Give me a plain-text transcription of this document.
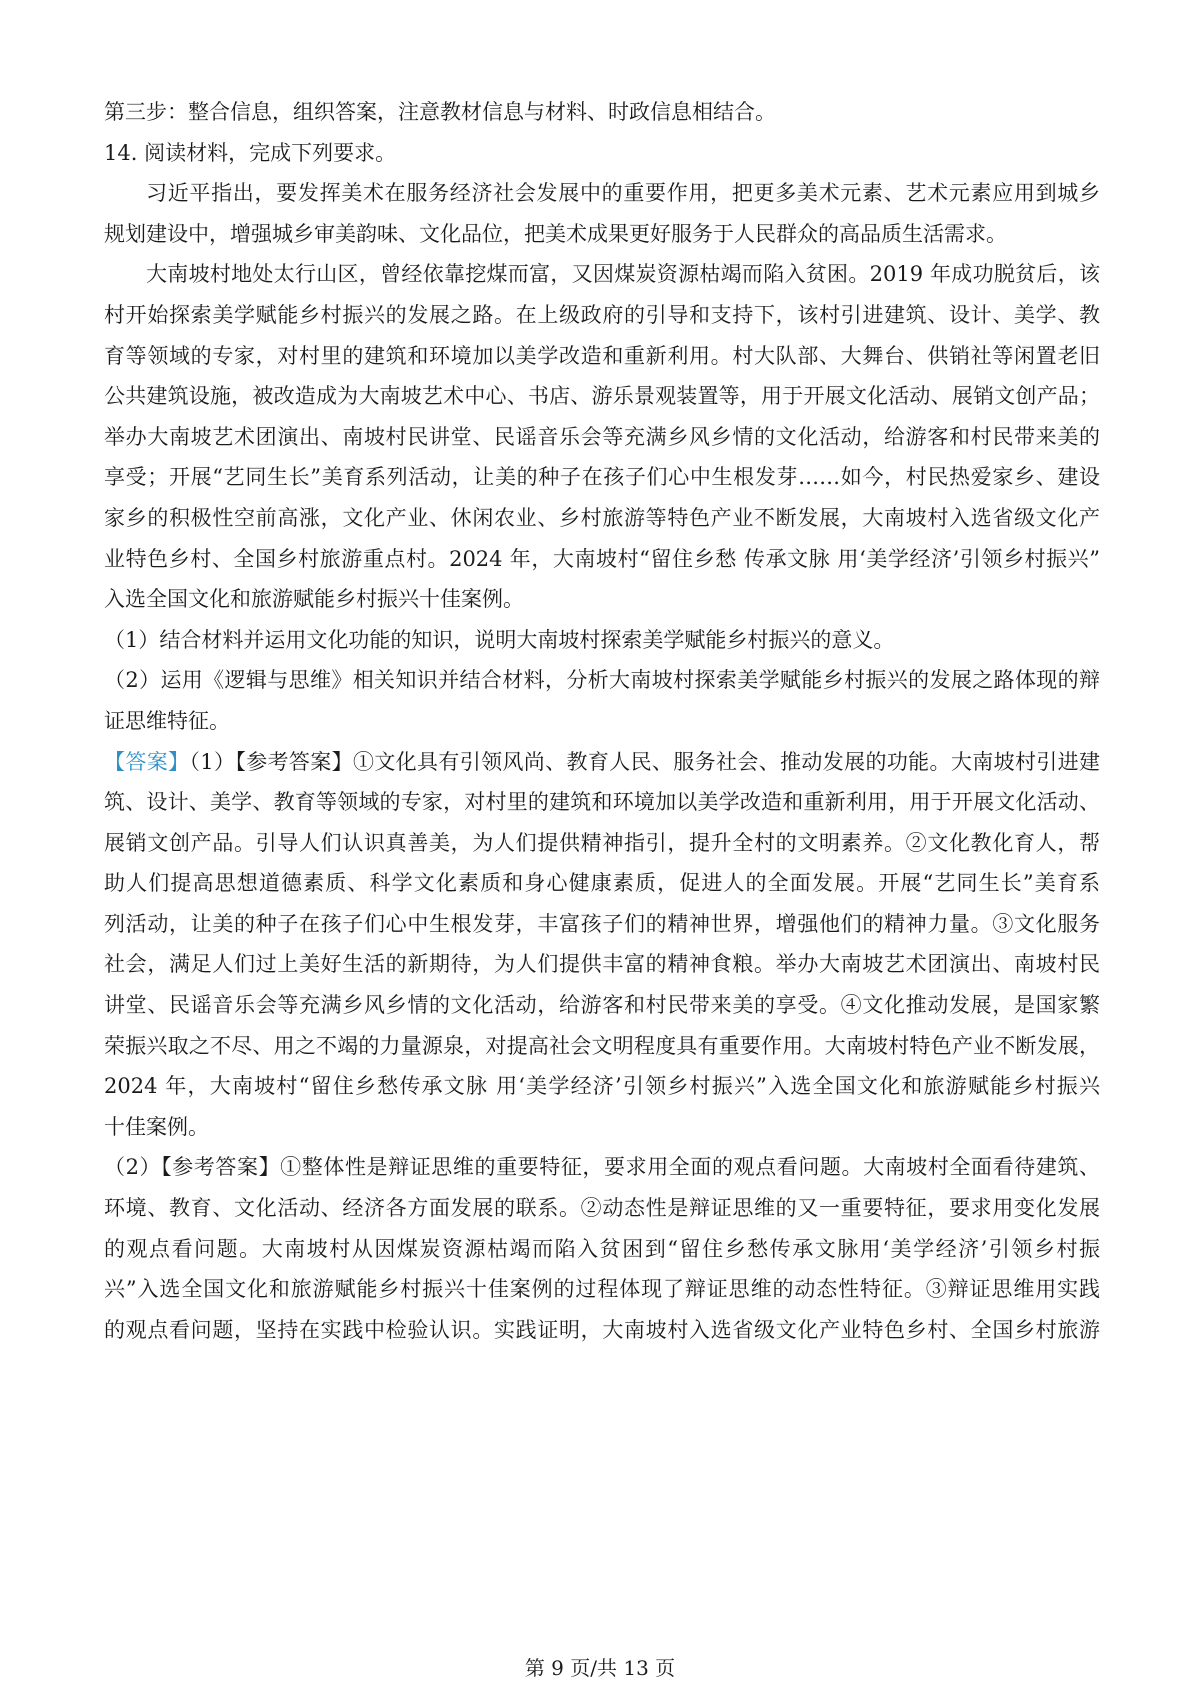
第三步：整合信息，组织答案，注意教材信息与材料、时政信息相结合。
14. 阅读材料，完成下列要求。
习近平指出，要发挥美术在服务经济社会发展中的重要作用，把更多美术元素、艺术元素应用到城乡
规划建设中，增强城乡审美韵味、文化品位，把美术成果更好服务于人民群众的高品质生活需求。
大南坡村地处太行山区，曾经依靠挖煤而富，又因煤炭资源枯竭而陷入贫困。2019 年成功脱贫后，该
村开始探索美学赋能乡村振兴的发展之路。在上级政府的引导和支持下，该村引进建筑、设计、美学、教
育等领域的专家，对村里的建筑和环境加以美学改造和重新利用。村大队部、大舞台、供销社等闲置老旧
公共建筑设施，被改造成为大南坡艺术中心、书店、游乐景观装置等，用于开展文化活动、展销文创产品；
举办大南坡艺术团演出、南坡村民讲堂、民谣音乐会等充满乡风乡情的文化活动，给游客和村民带来美的
享受；开展“艺同生长”美育系列活动，让美的种子在孩子们心中生根发芽……如今，村民热爱家乡、建设
家乡的积极性空前高涨，文化产业、休闲农业、乡村旅游等特色产业不断发展，大南坡村入选省级文化产
业特色乡村、全国乡村旅游重点村。2024 年，大南坡村“留住乡愁 传承文脉 用‘美学经济’引领乡村振兴”
入选全国文化和旅游赋能乡村振兴十佳案例。
（1）结合材料并运用文化功能的知识，说明大南坡村探索美学赋能乡村振兴的意义。
（2）运用《逻辑与思维》相关知识并结合材料，分析大南坡村探索美学赋能乡村振兴的发展之路体现的辩
证思维特征。
【答案】（1）【参考答案】①文化具有引领风尚、教育人民、服务社会、推动发展的功能。大南坡村引进建
筑、设计、美学、教育等领域的专家，对村里的建筑和环境加以美学改造和重新利用，用于开展文化活动、
展销文创产品。引导人们认识真善美，为人们提供精神指引，提升全村的文明素养。②文化教化育人，帮
助人们提高思想道德素质、科学文化素质和身心健康素质，促进人的全面发展。开展“艺同生长”美育系
列活动，让美的种子在孩子们心中生根发芽，丰富孩子们的精神世界，增强他们的精神力量。③文化服务
社会，满足人们过上美好生活的新期待，为人们提供丰富的精神食粮。举办大南坡艺术团演出、南坡村民
讲堂、民谣音乐会等充满乡风乡情的文化活动，给游客和村民带来美的享受。④文化推动发展，是国家繁
荣振兴取之不尽、用之不竭的力量源泉，对提高社会文明程度具有重要作用。大南坡村特色产业不断发展，
2024 年，大南坡村“留住乡愁传承文脉 用‘美学经济’引领乡村振兴”入选全国文化和旅游赋能乡村振兴
十佳案例。
（2）【参考答案】①整体性是辩证思维的重要特征，要求用全面的观点看问题。大南坡村全面看待建筑、
环境、教育、文化活动、经济各方面发展的联系。②动态性是辩证思维的又一重要特征，要求用变化发展
的观点看问题。大南坡村从因煤炭资源枯竭而陷入贫困到“留住乡愁传承文脉用‘美学经济’引领乡村振
兴”入选全国文化和旅游赋能乡村振兴十佳案例的过程体现了辩证思维的动态性特征。③辩证思维用实践
的观点看问题，坚持在实践中检验认识。实践证明，大南坡村入选省级文化产业特色乡村、全国乡村旅游
第 9 页/共 13 页
